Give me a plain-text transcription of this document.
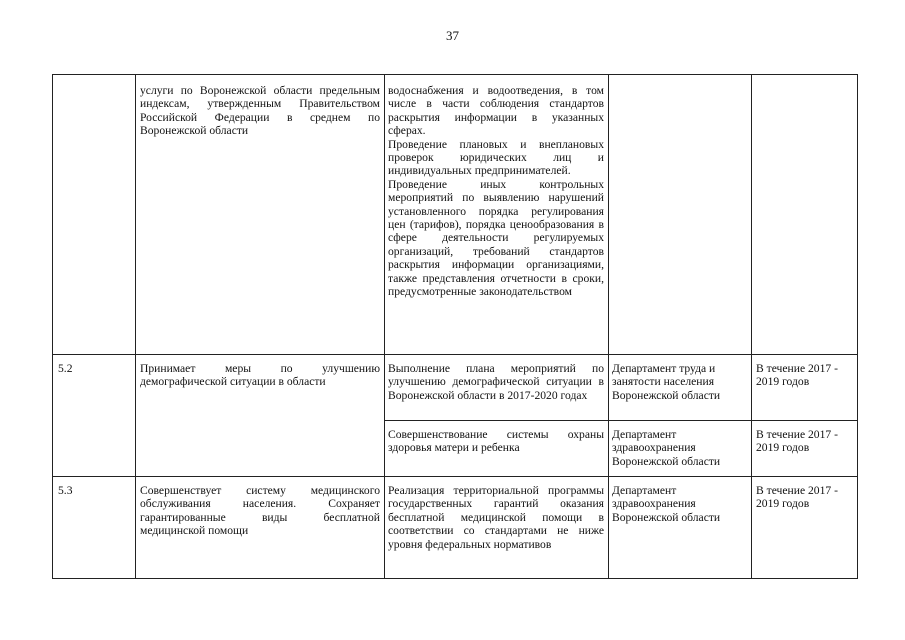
37

услуги по Воронежской области предельным индексам, утвержденным Правительством Российской Федерации в среднем по Воронежской области

водоснабжения и водоотведения, в том числе в части соблюдения стандартов раскрытия информации в указанных сферах.

Проведение плановых и внеплановых проверок юридических лиц и индивидуальных предпринимателей.

Проведение иных контрольных мероприятий по выявлению нарушений установленного порядка регулирования цен (тарифов), порядка ценообразования в сфере деятельности регулируемых организаций, требований стандартов раскрытия информации организациями, также представления отчетности в сроки, предусмотренные законодательством

5.2	Принимает меры по улучшению демографической ситуации в области

Выполнение плана мероприятий по улучшению демографической ситуации в Воронежской области в 2017-2020 годах

Департамент труда и занятости населения Воронежской области

В течение 2017 - 2019 годов

Совершенствование системы охраны здоровья матери и ребенка

Департамент здравоохранения Воронежской области

В течение 2017 - 2019 годов

5.3	Совершенствует систему медицинского обслуживания населения. Сохраняет гарантированные виды бесплатной медицинской помощи

Реализация территориальной программы государственных гарантий оказания бесплатной медицинской помощи в соответствии со стандартами не ниже уровня федеральных нормативов

Департамент здравоохранения Воронежской области

В течение 2017 - 2019 годов
